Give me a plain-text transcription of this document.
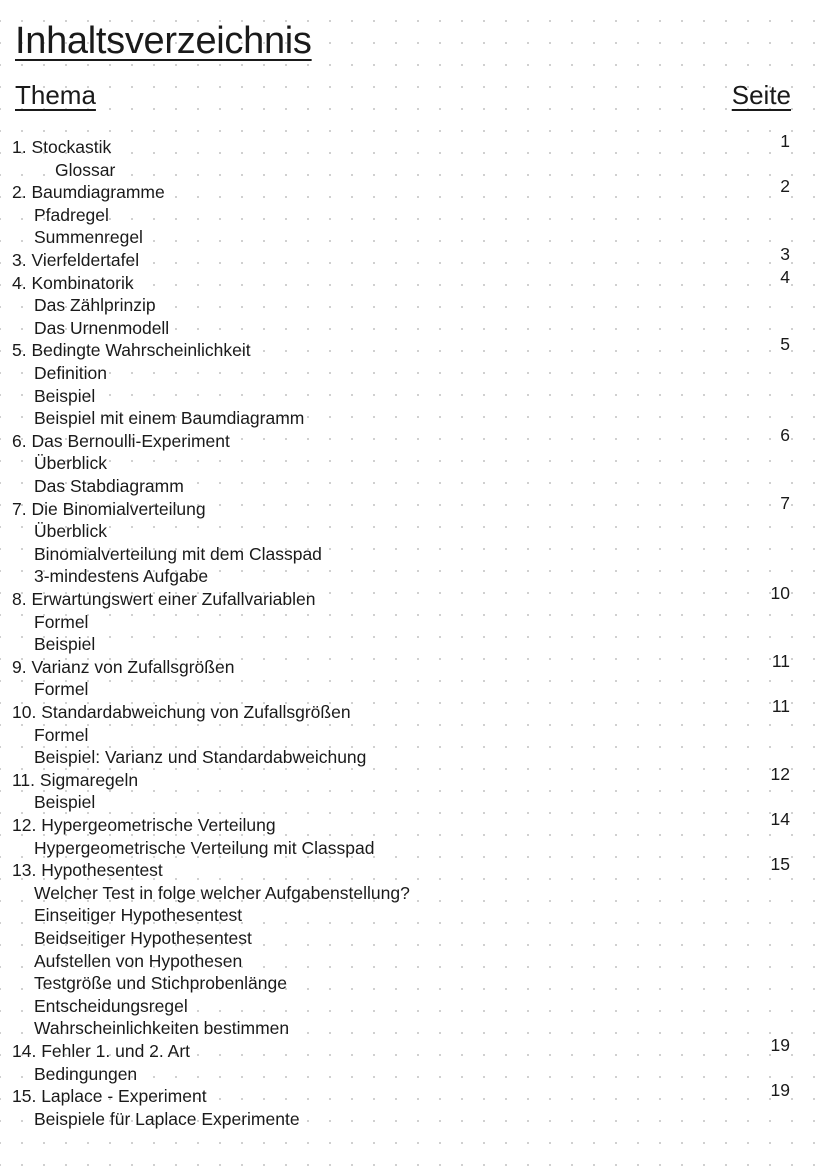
Inhaltsverzeichnis
Thema	Seite
1. Stockastik	1
Glossar
2. Baumdiagramme	2
Pfadregel
Summenregel
3. Vierfeldertafel	3
4. Kombinatorik	4
Das Zählprinzip
Das Urnenmodell
5. Bedingte Wahrscheinlichkeit	5
Definition
Beispiel
Beispiel mit einem Baumdiagramm
6. Das Bernoulli-Experiment	6
Überblick
Das Stabdiagramm
7. Die Binomialverteilung	7
Überblick
Binomialverteilung mit dem Classpad
3-mindestens Aufgabe
8. Erwartungswert einer Zufallvariablen	10
Formel
Beispiel
9. Varianz von Zufallsgrößen	11
Formel
10. Standardabweichung von Zufallsgrößen	11
Formel
Beispiel: Varianz und Standardabweichung
11. Sigmaregeln	12
Beispiel
12. Hypergeometrische Verteilung	14
Hypergeometrische Verteilung mit Classpad
13. Hypothesentest	15
Welcher Test in folge welcher Aufgabenstellung?
Einseitiger Hypothesentest
Beidseitiger Hypothesentest
Aufstellen von Hypothesen
Testgröße und Stichprobenlänge
Entscheidungsregel
Wahrscheinlichkeiten bestimmen
14. Fehler 1. und 2. Art	19
Bedingungen
15. Laplace - Experiment	19
Beispiele für Laplace Experimente
